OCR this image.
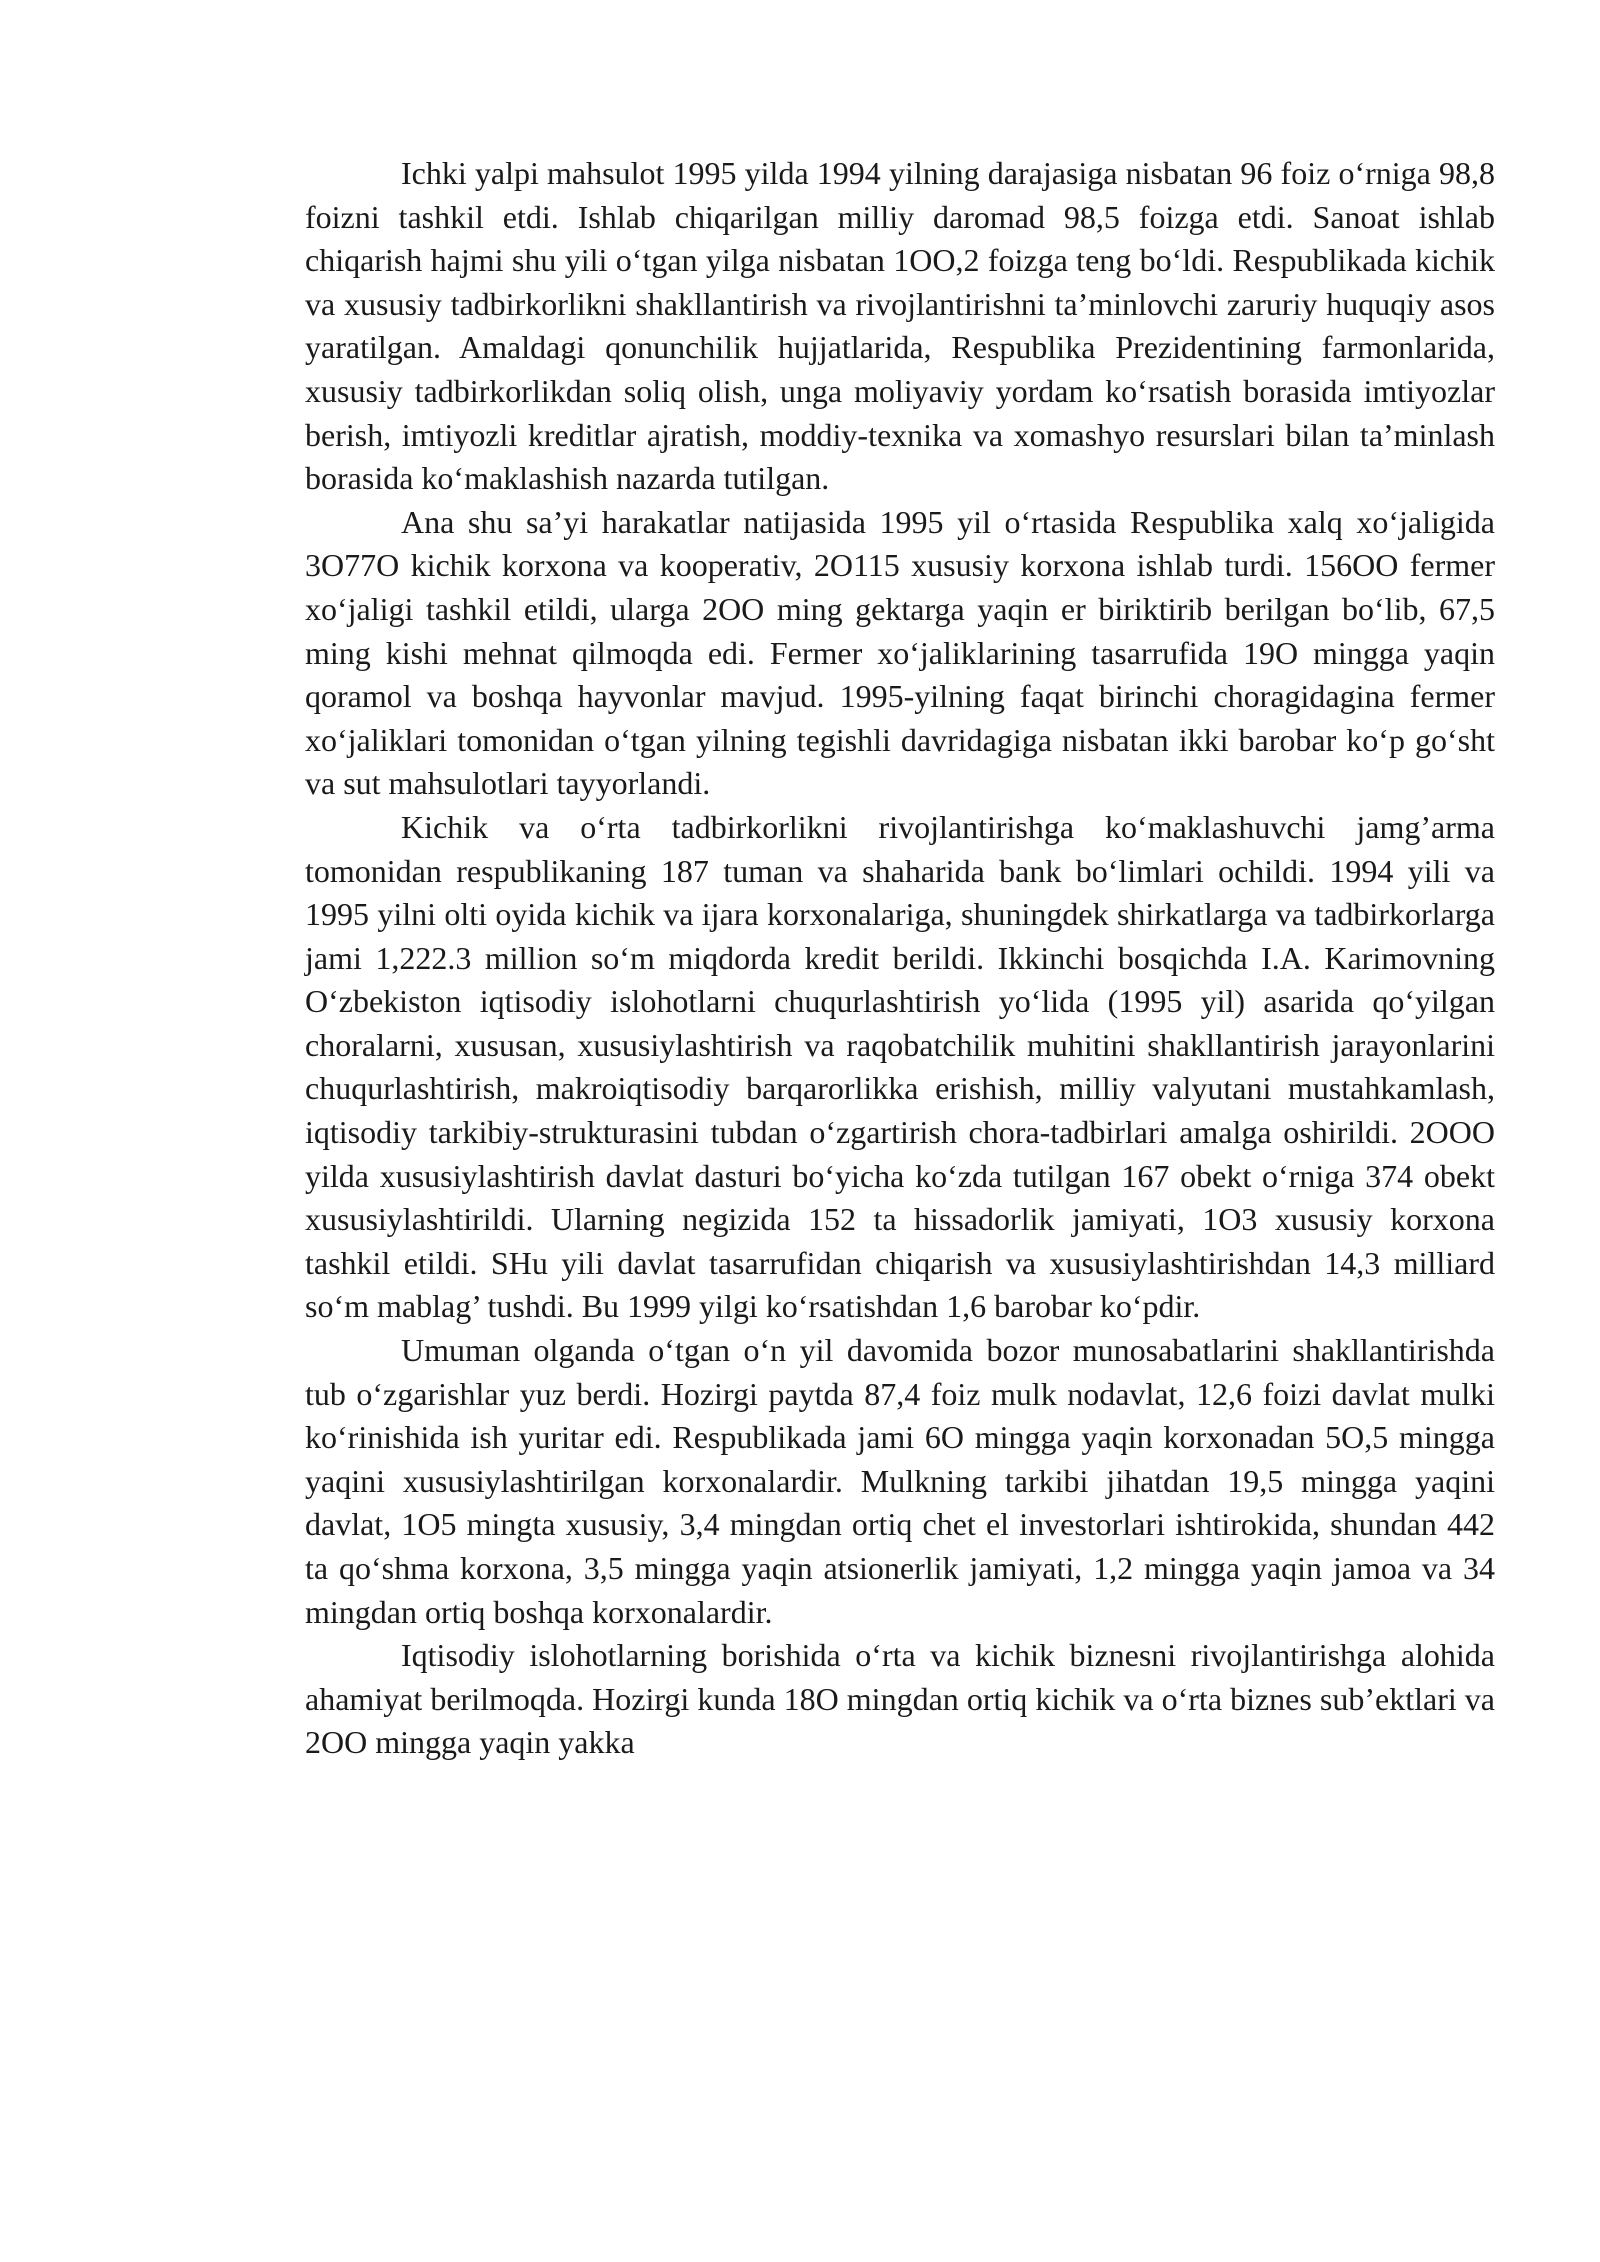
Ichki yalpi mahsulot 1995 yilda 1994 yilning darajasiga nisbatan 96 foiz o‘rniga 98,8 foizni tashkil etdi. Ishlab chiqarilgan milliy daromad 98,5 foizga etdi. Sanoat ishlab chiqarish hajmi shu yili o‘tgan yilga nisbatan 1OO,2 foizga teng bo‘ldi. Respublikada kichik va xususiy tadbirkorlikni shakllantirish va rivojlantirishni ta’minlovchi zaruriy huquqiy asos yaratilgan. Amaldagi qonunchilik hujjatlarida, Respublika Prezidentining farmonlarida, xususiy tadbirkorlikdan soliq olish, unga moliyaviy yordam ko‘rsatish borasida imtiyozlar berish, imtiyozli kreditlar ajratish, moddiy-texnika va xomashyo resurslari bilan ta’minlash borasida ko‘maklashish nazarda tutilgan.

Ana shu sa’yi harakatlar natijasida 1995 yil o‘rtasida Respublika xalq xo‘jaligida 3O77O kichik korxona va kooperativ, 2O115 xususiy korxona ishlab turdi. 156OO fermer xo‘jaligi tashkil etildi, ularga 2OO ming gektarga yaqin er biriktirib berilgan bo‘lib, 67,5 ming kishi mehnat qilmoqda edi. Fermer xo‘jaliklarining tasarrufida 19O mingga yaqin qoramol va boshqa hayvonlar mavjud. 1995-yilning faqat birinchi choragidagina fermer xo‘jaliklari tomonidan o‘tgan yilning tegishli davridagiga nisbatan ikki barobar ko‘p go‘sht va sut mahsulotlari tayyorlandi.

Kichik va o‘rta tadbirkorlikni rivojlantirishga ko‘maklashuvchi jamg’arma tomonidan respublikaning 187 tuman va shaharida bank bo‘limlari ochildi. 1994 yili va 1995 yilni olti oyida kichik va ijara korxonalariga, shuningdek shirkatlarga va tadbirkorlarga jami 1,222.3 million so‘m miqdorda kredit berildi. Ikkinchi bosqichda I.A. Karimovning O‘zbekiston iqtisodiy islohotlarni chuqurlashtirish yo‘lida (1995 yil) asarida qo‘yilgan choralarni, xususan, xususiylashtirish va raqobatchilik muhitini shakllantirish jarayonlarini chuqurlashtirish, makroiqtisodiy barqarorlikka erishish, milliy valyutani mustahkamlash, iqtisodiy tarkibiy-strukturasini tubdan o‘zgartirish chora-tadbirlari amalga oshirildi. 2OOO yilda xususiylashtirish davlat dasturi bo‘yicha ko‘zda tutilgan 167 obekt o‘rniga 374 obekt xususiylashtirildi. Ularning negizida 152 ta hissadorlik jamiyati, 1O3 xususiy korxona tashkil etildi. SHu yili davlat tasarrufidan chiqarish va xususiylashtirishdan 14,3 milliard so‘m mablag’ tushdi. Bu 1999 yilgi ko‘rsatishdan 1,6 barobar ko‘pdir.

Umuman olganda o‘tgan o‘n yil davomida bozor munosabatlarini shakllantirishda tub o‘zgarishlar yuz berdi. Hozirgi paytda 87,4 foiz mulk nodavlat, 12,6 foizi davlat mulki ko‘rinishida ish yuritar edi. Respublikada jami 6O mingga yaqin korxonadan 5O,5 mingga yaqini xususiylashtirilgan korxonalardir. Mulkning tarkibi jihatdan 19,5 mingga yaqini davlat, 1O5 mingta xususiy, 3,4 mingdan ortiq chet el investorlari ishtirokida, shundan 442 ta qo‘shma korxona, 3,5 mingga yaqin atsionerlik jamiyati, 1,2 mingga yaqin jamoa va 34 mingdan ortiq boshqa korxonalardir.

Iqtisodiy islohotlarning borishida o‘rta va kichik biznesni rivojlantirishga alohida ahamiyat berilmoqda. Hozirgi kunda 18O mingdan ortiq kichik va o‘rta biznes sub’ektlari va 2OO mingga yaqin yakka
